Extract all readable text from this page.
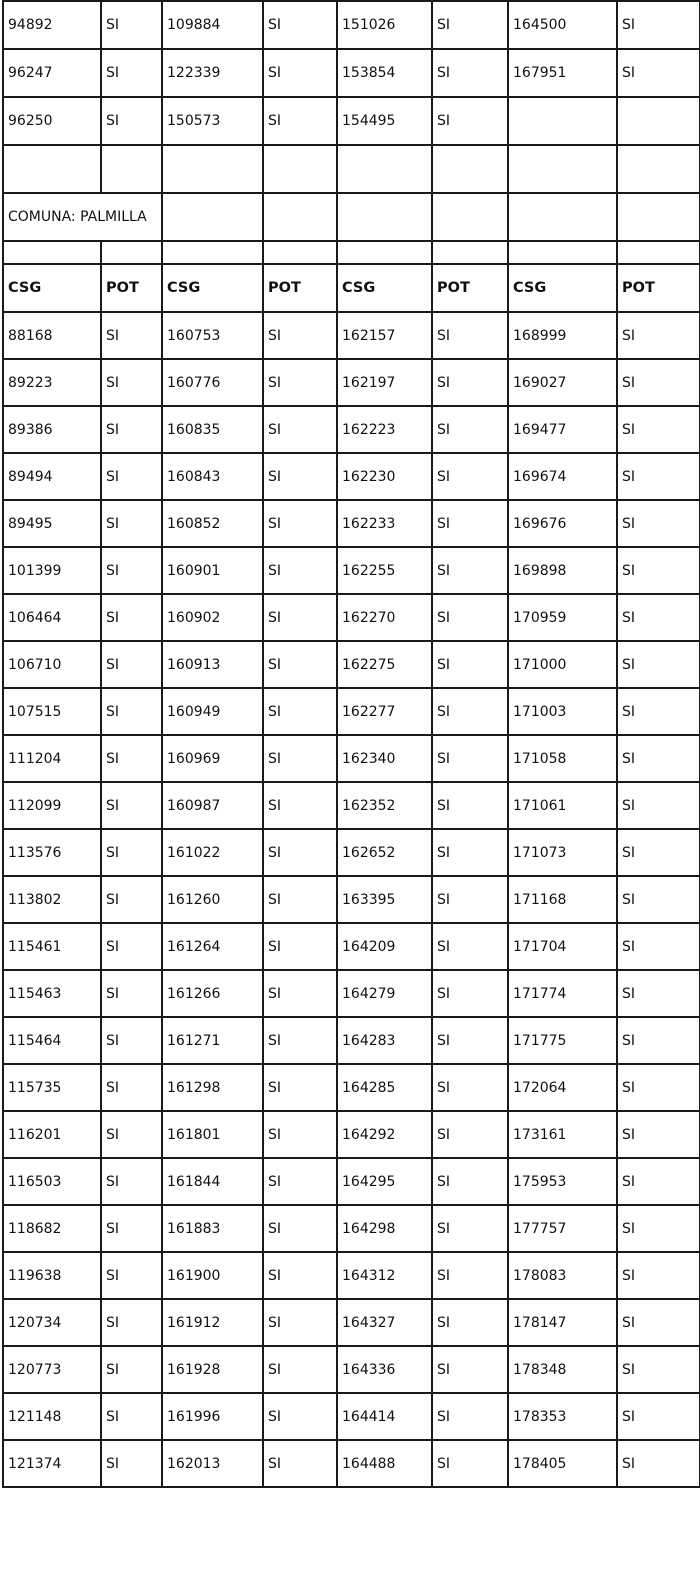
94892	SI	109884	SI	151026	SI	164500	SI
96247	SI	122339	SI	153854	SI	167951	SI
96250	SI	150573	SI	154495	SI		

COMUNA: PALMILLA							

CSG	POT	CSG	POT	CSG	POT	CSG	POT
88168	SI	160753	SI	162157	SI	168999	SI
89223	SI	160776	SI	162197	SI	169027	SI
89386	SI	160835	SI	162223	SI	169477	SI
89494	SI	160843	SI	162230	SI	169674	SI
89495	SI	160852	SI	162233	SI	169676	SI
101399	SI	160901	SI	162255	SI	169898	SI
106464	SI	160902	SI	162270	SI	170959	SI
106710	SI	160913	SI	162275	SI	171000	SI
107515	SI	160949	SI	162277	SI	171003	SI
111204	SI	160969	SI	162340	SI	171058	SI
112099	SI	160987	SI	162352	SI	171061	SI
113576	SI	161022	SI	162652	SI	171073	SI
113802	SI	161260	SI	163395	SI	171168	SI
115461	SI	161264	SI	164209	SI	171704	SI
115463	SI	161266	SI	164279	SI	171774	SI
115464	SI	161271	SI	164283	SI	171775	SI
115735	SI	161298	SI	164285	SI	172064	SI
116201	SI	161801	SI	164292	SI	173161	SI
116503	SI	161844	SI	164295	SI	175953	SI
118682	SI	161883	SI	164298	SI	177757	SI
119638	SI	161900	SI	164312	SI	178083	SI
120734	SI	161912	SI	164327	SI	178147	SI
120773	SI	161928	SI	164336	SI	178348	SI
121148	SI	161996	SI	164414	SI	178353	SI
121374	SI	162013	SI	164488	SI	178405	SI
